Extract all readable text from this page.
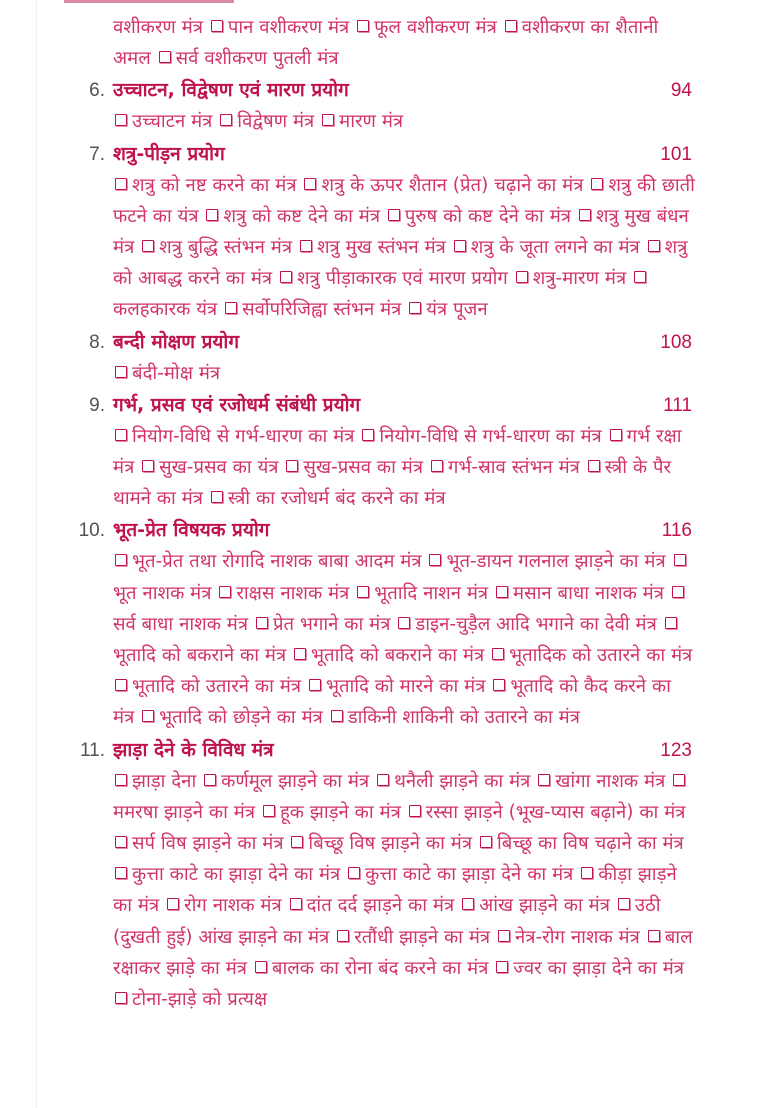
वशीकरण मंत्र पान वशीकरण मंत्र फूल वशीकरण मंत्र वशीकरण का शैतानी अमल सर्व वशीकरण पुतली मंत्र
6. उच्चाटन, विद्वेषण एवं मारण प्रयोग	94
उच्चाटन मंत्र विद्वेषण मंत्र मारण मंत्र
7. शत्रु-पीड़न प्रयोग	101
शत्रु को नष्ट करने का मंत्र शत्रु के ऊपर शैतान (प्रेत) चढ़ाने का मंत्र शत्रु की छाती फटने का यंत्र शत्रु को कष्ट देने का मंत्र पुरुष को कष्ट देने का मंत्र शत्रु मुख बंधन मंत्र शत्रु बुद्धि स्तंभन मंत्र शत्रु मुख स्तंभन मंत्र शत्रु के जूता लगने का मंत्र शत्रु को आबद्ध करने का मंत्र शत्रु पीड़ाकारक एवं मारण प्रयोग शत्रु-मारण मंत्र कलहकारक यंत्र सर्वोपरिजिह्वा स्तंभन मंत्र यंत्र पूजन
8. बन्दी मोक्षण प्रयोग	108
बंदी-मोक्ष मंत्र
9. गर्भ, प्रसव एवं रजोधर्म संबंधी प्रयोग	111
नियोग-विधि से गर्भ-धारण का मंत्र नियोग-विधि से गर्भ-धारण का मंत्र गर्भ रक्षा मंत्र सुख-प्रसव का यंत्र सुख-प्रसव का मंत्र गर्भ-स्राव स्तंभन मंत्र स्त्री के पैर थामने का मंत्र स्त्री का रजोधर्म बंद करने का मंत्र
10. भूत-प्रेत विषयक प्रयोग	116
भूत-प्रेत तथा रोगादि नाशक बाबा आदम मंत्र भूत-डायन गलनाल झाड़ने का मंत्र भूत नाशक मंत्र राक्षस नाशक मंत्र भूतादि नाशन मंत्र मसान बाधा नाशक मंत्र सर्व बाधा नाशक मंत्र प्रेत भगाने का मंत्र डाइन-चुड़ैल आदि भगाने का देवी मंत्र भूतादि को बकराने का मंत्र भूतादि को बकराने का मंत्र भूतादिक को उतारने का मंत्र भूतादि को उतारने का मंत्र भूतादि को मारने का मंत्र भूतादि को कैद करने का मंत्र भूतादि को छोड़ने का मंत्र डाकिनी शाकिनी को उतारने का मंत्र
11. झाड़ा देने के विविध मंत्र	123
झाड़ा देना कर्णमूल झाड़ने का मंत्र थनैली झाड़ने का मंत्र खांगा नाशक मंत्र ममरषा झाड़ने का मंत्र हूक झाड़ने का मंत्र रस्सा झाड़ने (भूख-प्यास बढ़ाने) का मंत्र सर्प विष झाड़ने का मंत्र बिच्छू विष झाड़ने का मंत्र बिच्छू का विष चढ़ाने का मंत्र कुत्ता काटे का झाड़ा देने का मंत्र कुत्ता काटे का झाड़ा देने का मंत्र कीड़ा झाड़ने का मंत्र रोग नाशक मंत्र दांत दर्द झाड़ने का मंत्र आंख झाड़ने का मंत्र उठी (दुखती हुई) आंख झाड़ने का मंत्र रतौंधी झाड़ने का मंत्र नेत्र-रोग नाशक मंत्र बाल रक्षाकर झाड़े का मंत्र बालक का रोना बंद करने का मंत्र ज्वर का झाड़ा देने का मंत्र टोना-झाड़े को प्रत्यक्ष
